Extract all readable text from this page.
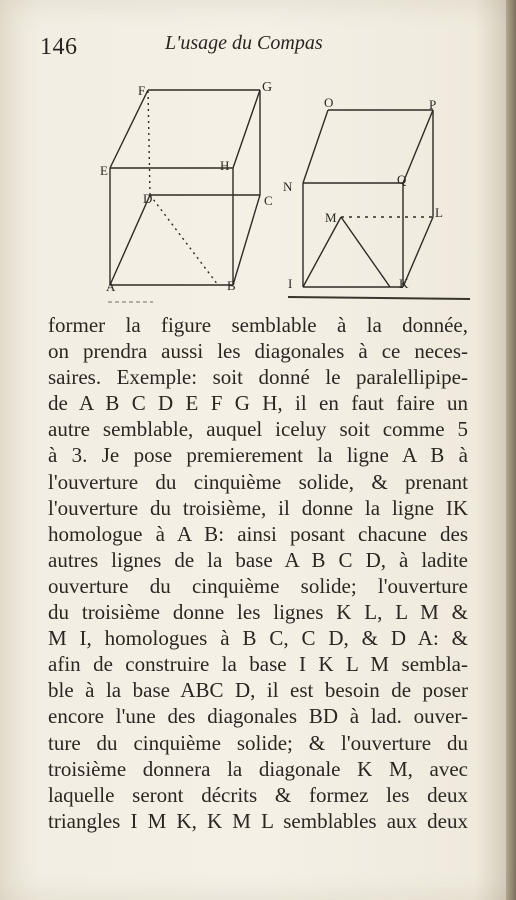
146	L'usage du Compas
F	G
E	H
D	C
A	B
O	P
N	Q
M	L
I	K
former la figure semblable à la donnée,
on prendra aussi les diagonales à ce neces-
saires. Exemple: soit donné le paralellipipe-
de A B C D E F G H, il en faut faire un
autre semblable, auquel iceluy soit comme 5
à 3. Je pose premierement la ligne A B à
l'ouverture du cinquième solide, & prenant
l'ouverture du troisième, il donne la ligne IK
homologue à A B: ainsi posant chacune des
autres lignes de la base A B C D, à ladite
ouverture du cinquième solide; l'ouverture
du troisième donne les lignes K L, L M &
M I, homologues à B C, C D, & D A: &
afin de construire la base I K L M sembla-
ble à la base ABC D, il est besoin de poser
encore l'une des diagonales BD à lad. ouver-
ture du cinquième solide; & l'ouverture du
troisième donnera la diagonale K M, avec
laquelle seront décrits & formez les deux
triangles I M K, K M L semblables aux deux
